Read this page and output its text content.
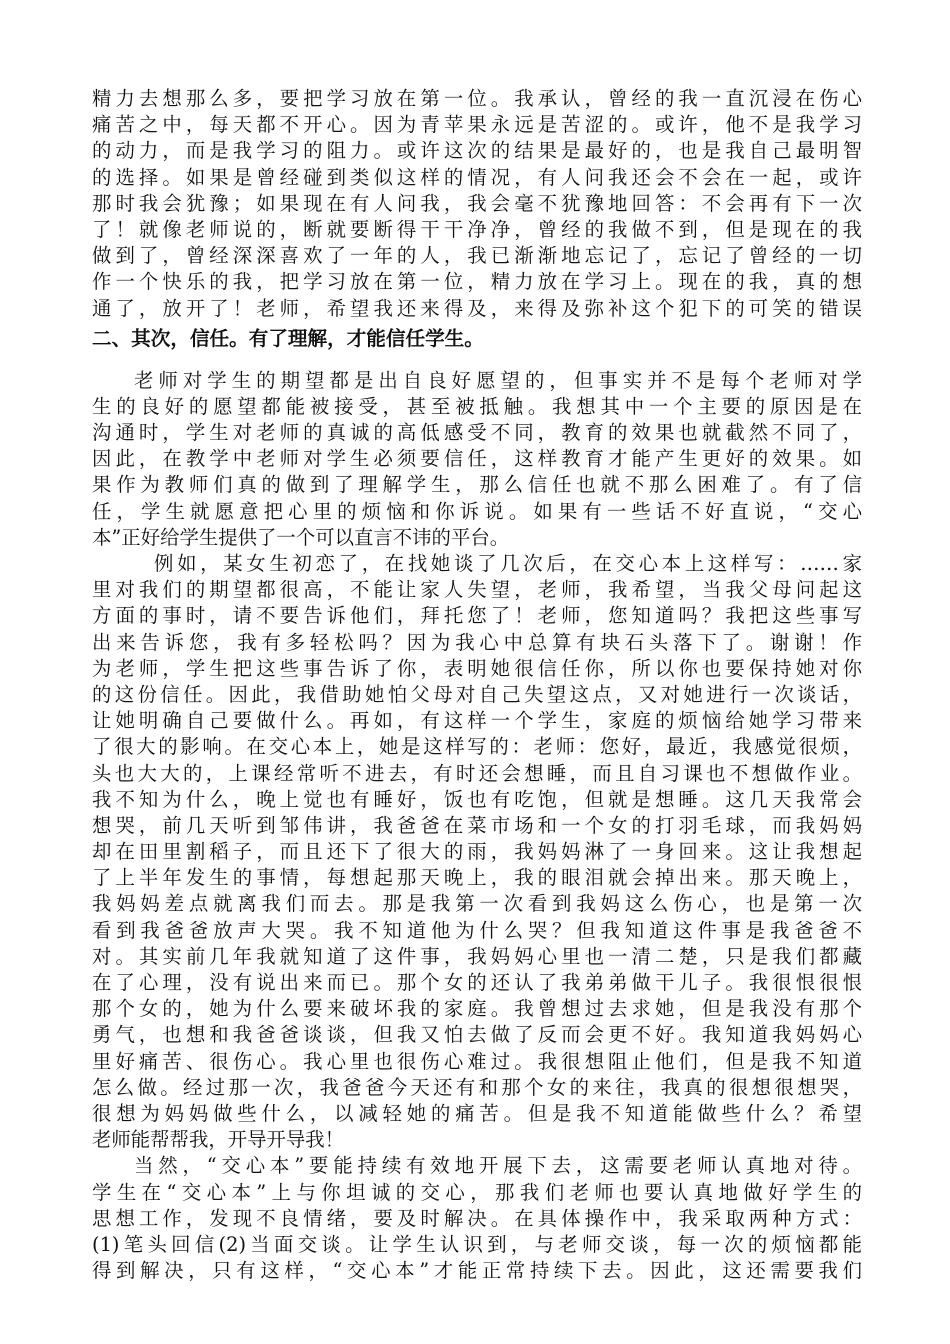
精力去想那么多，要把学习放在第一位。我承认，曾经的我一直沉浸在伤心
痛苦之中，每天都不开心。因为青苹果永远是苦涩的。或许，他不是我学习
的动力，而是我学习的阻力。或许这次的结果是最好的，也是我自己最明智
的选择。如果是曾经碰到类似这样的情况，有人问我还会不会在一起，或许
那时我会犹豫；如果现在有人问我，我会毫不犹豫地回答：不会再有下一次
了！就像老师说的，断就要断得干干净净，曾经的我做不到，但是现在的我
做到了，曾经深深喜欢了一年的人，我已渐渐地忘记了，忘记了曾经的一切
作一个快乐的我，把学习放在第一位，精力放在学习上。现在的我，真的想
通了，放开了！老师，希望我还来得及，来得及弥补这个犯下的可笑的错误
二、其次，信任。有了理解，才能信任学生。
老师对学生的期望都是出自良好愿望的，但事实并不是每个老师对学
生的良好的愿望都能被接受，甚至被抵触。我想其中一个主要的原因是在
沟通时，学生对老师的真诚的高低感受不同，教育的效果也就截然不同了，
因此，在教学中老师对学生必须要信任，这样教育才能产生更好的效果。如
果作为教师们真的做到了理解学生，那么信任也就不那么困难了。有了信
任，学生就愿意把心里的烦恼和你诉说。如果有一些话不好直说，“交心
本”正好给学生提供了一个可以直言不讳的平台。
例如，某女生初恋了，在找她谈了几次后，在交心本上这样写：……家
里对我们的期望都很高，不能让家人失望，老师，我希望，当我父母问起这
方面的事时，请不要告诉他们，拜托您了！老师，您知道吗？我把这些事写
出来告诉您，我有多轻松吗？因为我心中总算有块石头落下了。谢谢！作
为老师，学生把这些事告诉了你，表明她很信任你，所以你也要保持她对你
的这份信任。因此，我借助她怕父母对自己失望这点，又对她进行一次谈话，
让她明确自己要做什么。再如，有这样一个学生，家庭的烦恼给她学习带来
了很大的影响。在交心本上，她是这样写的：老师：您好，最近，我感觉很烦，
头也大大的，上课经常听不进去，有时还会想睡，而且自习课也不想做作业。
我不知为什么，晚上觉也有睡好，饭也有吃饱，但就是想睡。这几天我常会
想哭，前几天听到邹伟讲，我爸爸在菜市场和一个女的打羽毛球，而我妈妈
却在田里割稻子，而且还下了很大的雨，我妈妈淋了一身回来。这让我想起
了上半年发生的事情，每想起那天晚上，我的眼泪就会掉出来。那天晚上，
我妈妈差点就离我们而去。那是我第一次看到我妈这么伤心，也是第一次
看到我爸爸放声大哭。我不知道他为什么哭？但我知道这件事是我爸爸不
对。其实前几年我就知道了这件事，我妈妈心里也一清二楚，只是我们都藏
在了心理，没有说出来而已。那个女的还认了我弟弟做干儿子。我很恨很恨
那个女的，她为什么要来破坏我的家庭。我曾想过去求她，但是我没有那个
勇气，也想和我爸爸谈谈，但我又怕去做了反而会更不好。我知道我妈妈心
里好痛苦、很伤心。我心里也很伤心难过。我很想阻止他们，但是我不知道
怎么做。经过那一次，我爸爸今天还有和那个女的来往，我真的很想很想哭，
很想为妈妈做些什么，以减轻她的痛苦。但是我不知道能做些什么？希望
老师能帮帮我，开导开导我！
当然，“交心本”要能持续有效地开展下去，这需要老师认真地对待。
学生在“交心本”上与你坦诚的交心，那我们老师也要认真地做好学生的
思想工作，发现不良情绪，要及时解决。在具体操作中，我采取两种方式：
(1)笔头回信(2)当面交谈。让学生认识到，与老师交谈，每一次的烦恼都能
得到解决，只有这样，“交心本”才能正常持续下去。因此，这还需要我们
